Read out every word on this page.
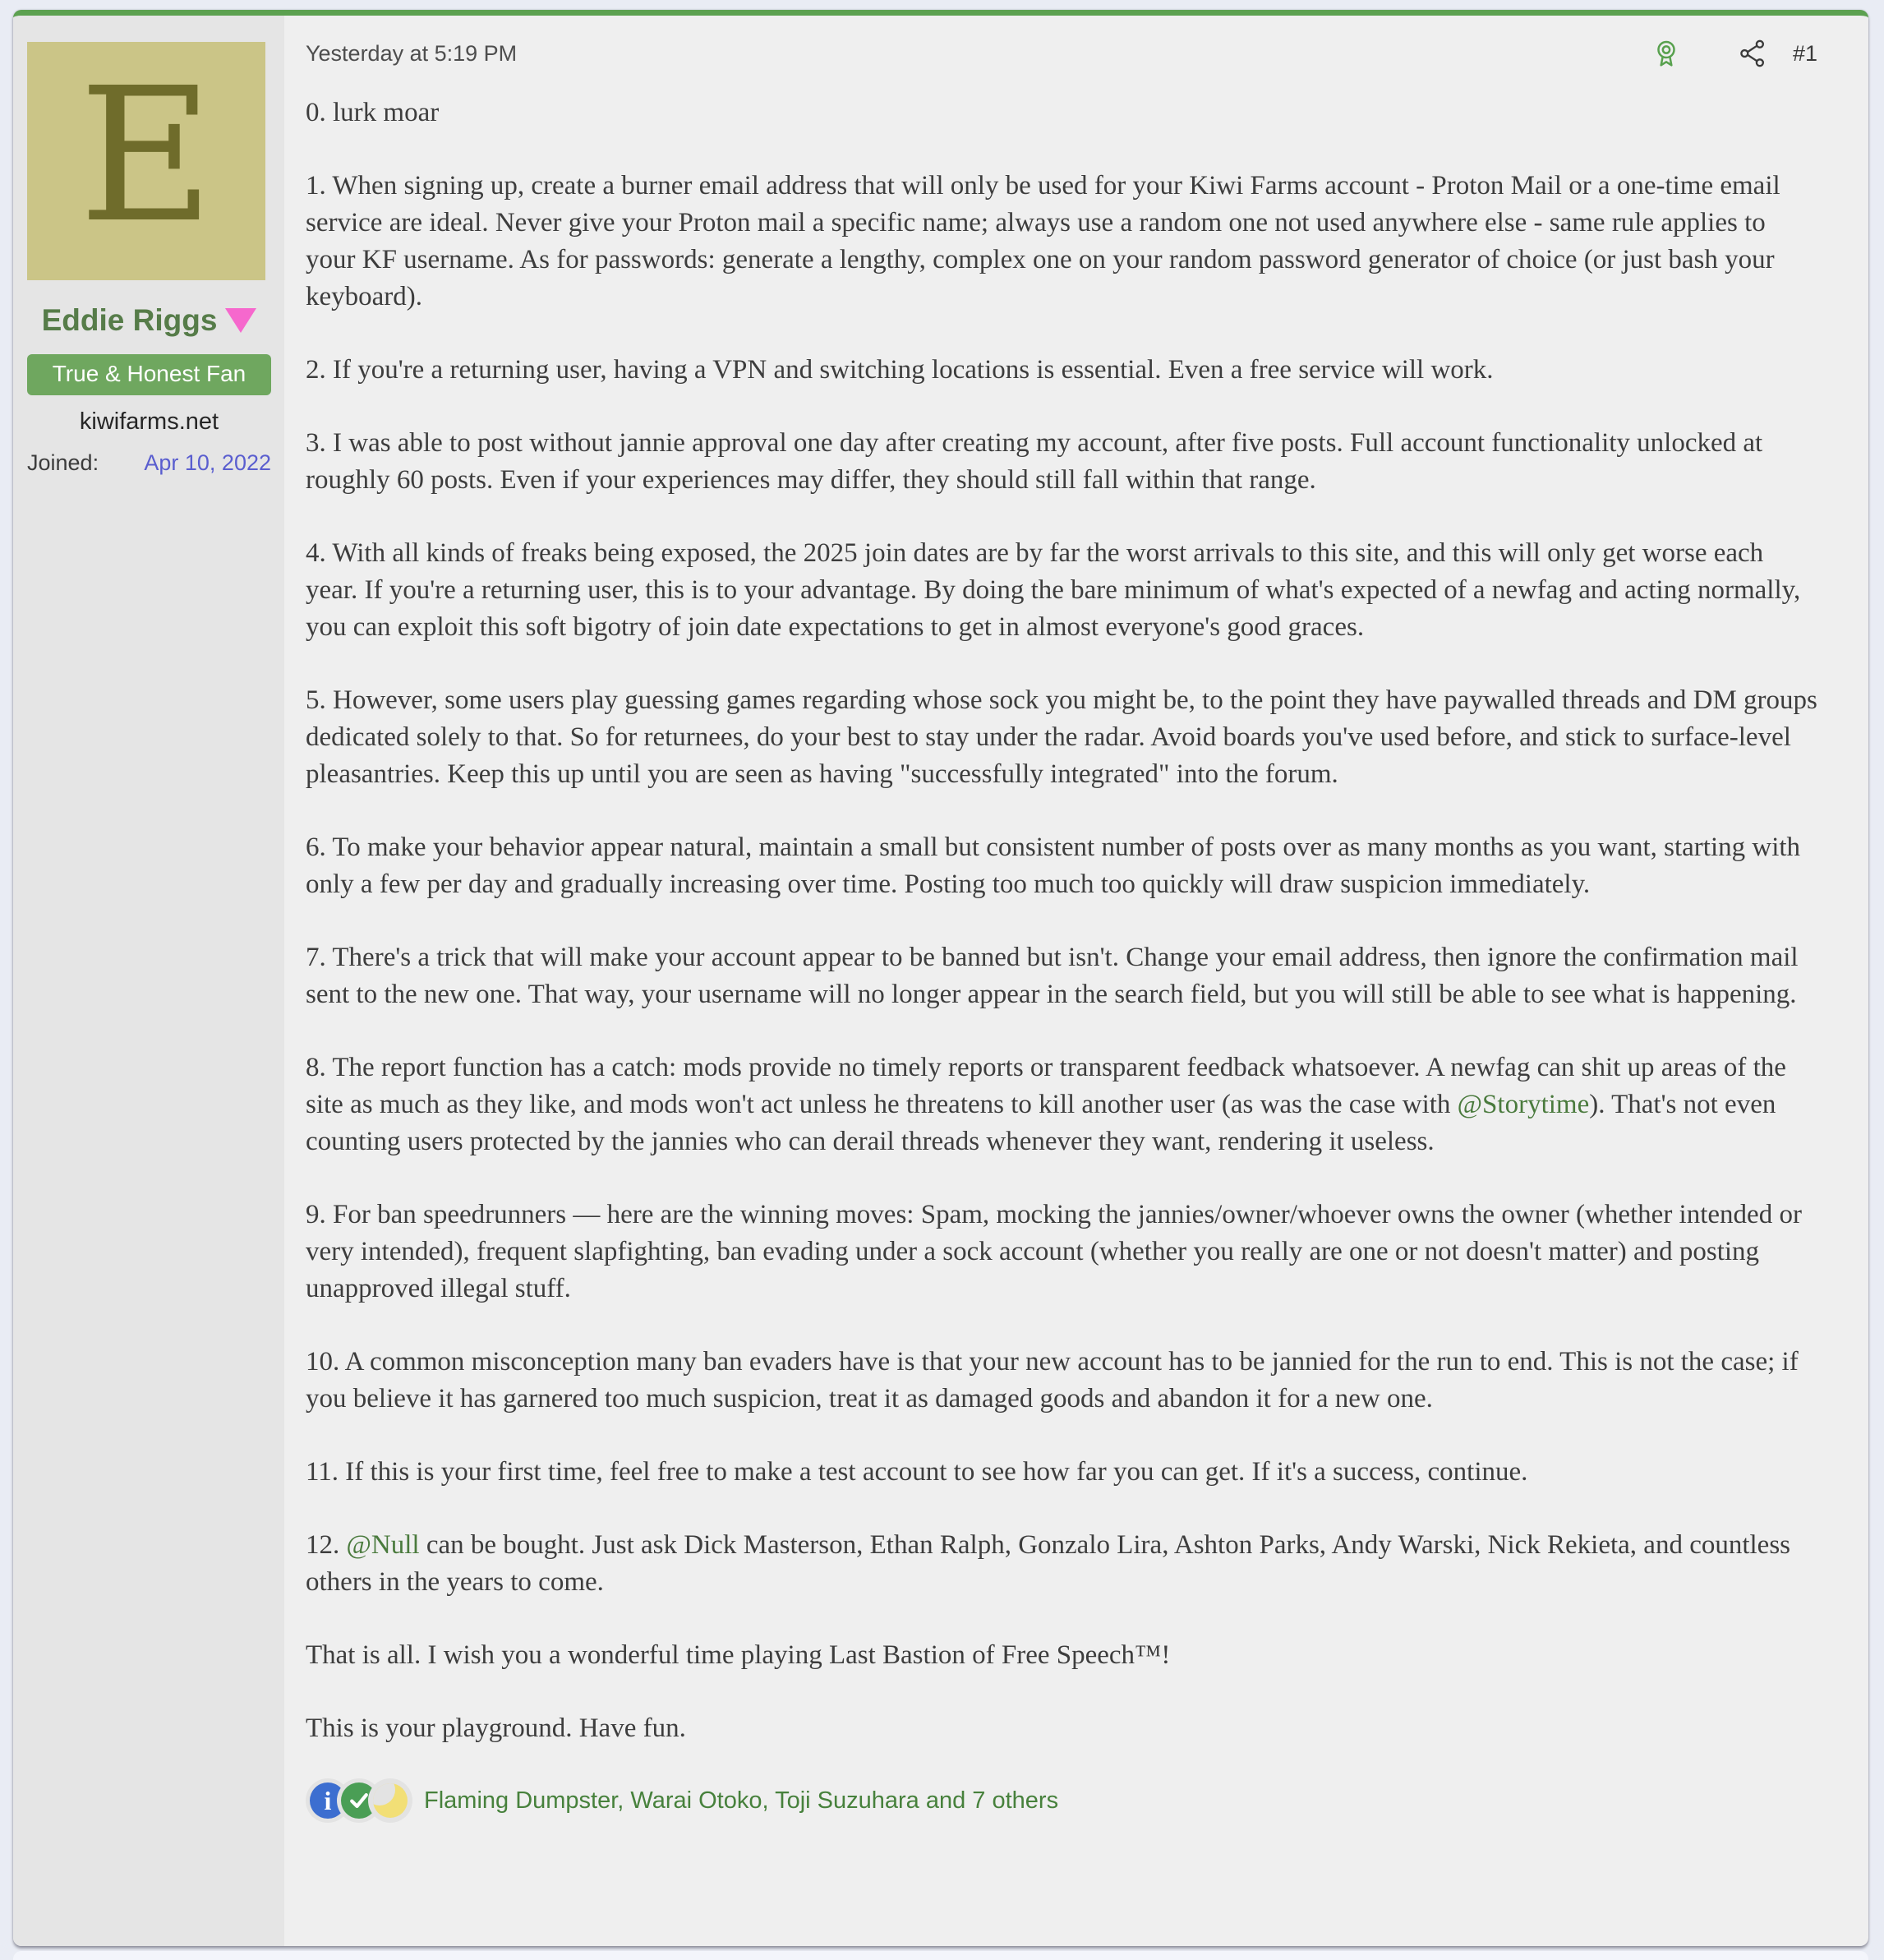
E
Eddie Riggs
True & Honest Fan
kiwifarms.net
Joined: Apr 10, 2022
Yesterday at 5:19 PM	#1

0. lurk moar

1. When signing up, create a burner email address that will only be used for your Kiwi Farms account - Proton Mail or a one-time email service are ideal. Never give your Proton mail a specific name; always use a random one not used anywhere else - same rule applies to your KF username. As for passwords: generate a lengthy, complex one on your random password generator of choice (or just bash your keyboard).

2. If you're a returning user, having a VPN and switching locations is essential. Even a free service will work.

3. I was able to post without jannie approval one day after creating my account, after five posts. Full account functionality unlocked at roughly 60 posts. Even if your experiences may differ, they should still fall within that range.

4. With all kinds of freaks being exposed, the 2025 join dates are by far the worst arrivals to this site, and this will only get worse each year. If you're a returning user, this is to your advantage. By doing the bare minimum of what's expected of a newfag and acting normally, you can exploit this soft bigotry of join date expectations to get in almost everyone's good graces.

5. However, some users play guessing games regarding whose sock you might be, to the point they have paywalled threads and DM groups dedicated solely to that. So for returnees, do your best to stay under the radar. Avoid boards you've used before, and stick to surface-level pleasantries. Keep this up until you are seen as having "successfully integrated" into the forum.

6. To make your behavior appear natural, maintain a small but consistent number of posts over as many months as you want, starting with only a few per day and gradually increasing over time. Posting too much too quickly will draw suspicion immediately.

7. There's a trick that will make your account appear to be banned but isn't. Change your email address, then ignore the confirmation mail sent to the new one. That way, your username will no longer appear in the search field, but you will still be able to see what is happening.

8. The report function has a catch: mods provide no timely reports or transparent feedback whatsoever. A newfag can shit up areas of the site as much as they like, and mods won't act unless he threatens to kill another user (as was the case with @Storytime). That's not even counting users protected by the jannies who can derail threads whenever they want, rendering it useless.

9. For ban speedrunners — here are the winning moves: Spam, mocking the jannies/owner/whoever owns the owner (whether intended or very intended), frequent slapfighting, ban evading under a sock account (whether you really are one or not doesn't matter) and posting unapproved illegal stuff.

10. A common misconception many ban evaders have is that your new account has to be jannied for the run to end. This is not the case; if you believe it has garnered too much suspicion, treat it as damaged goods and abandon it for a new one.

11. If this is your first time, feel free to make a test account to see how far you can get. If it's a success, continue.

12. @Null can be bought. Just ask Dick Masterson, Ethan Ralph, Gonzalo Lira, Ashton Parks, Andy Warski, Nick Rekieta, and countless others in the years to come.

That is all. I wish you a wonderful time playing Last Bastion of Free Speech™!

This is your playground. Have fun.

i	Flaming Dumpster, Warai Otoko, Toji Suzuhara and 7 others
